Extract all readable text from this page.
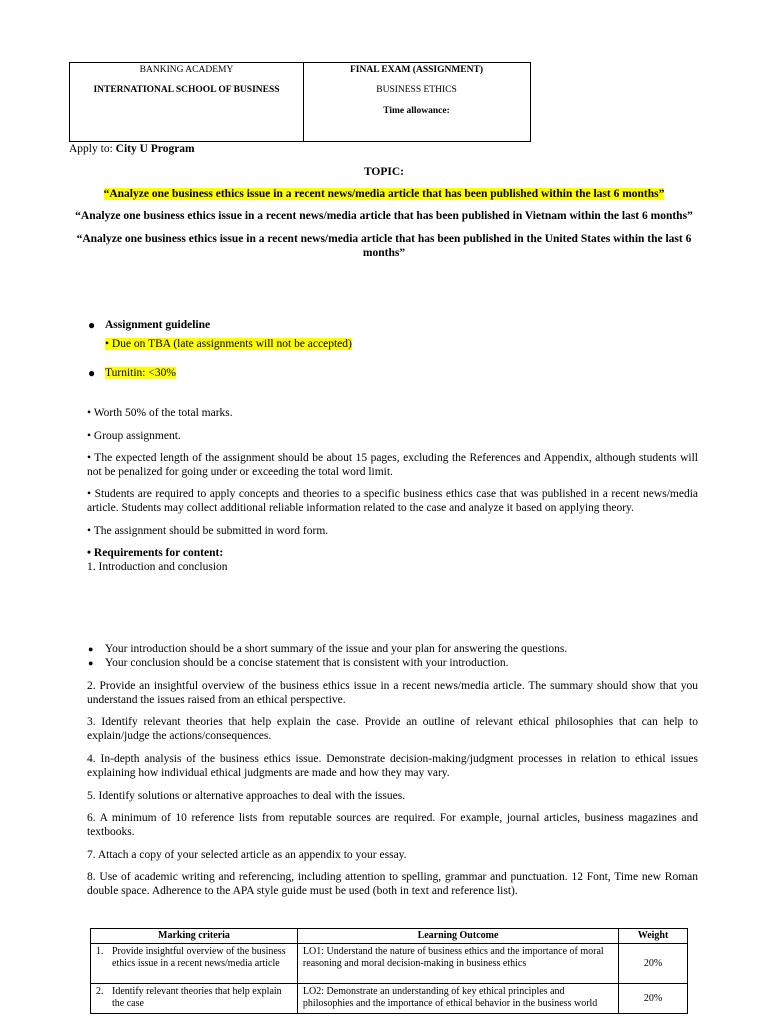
BANKING ACADEMY
INTERNATIONAL SCHOOL OF BUSINESS
FINAL EXAM (ASSIGNMENT)
BUSINESS ETHICS
Time allowance:
Apply to: City U Program
TOPIC:
“Analyze one business ethics issue in a recent news/media article that has been published within the last 6 months”
“Analyze one business ethics issue in a recent news/media article that has been published in Vietnam within the last 6 months”
“Analyze one business ethics issue in a recent news/media article that has been published in the United States within the last 6
months”
● Assignment guideline
• Due on TBA (late assignments will not be accepted)
● Turnitin: <30%
• Worth 50% of the total marks.
• Group assignment.
• The expected length of the assignment should be about 15 pages, excluding the References and Appendix, although students will not be penalized for going under or exceeding the total word limit.
• Students are required to apply concepts and theories to a specific business ethics case that was published in a recent news/media article. Students may collect additional reliable information related to the case and analyze it based on applying theory.
• The assignment should be submitted in word form.
• Requirements for content:
1. Introduction and conclusion
● Your introduction should be a short summary of the issue and your plan for answering the questions.
● Your conclusion should be a concise statement that is consistent with your introduction.
2. Provide an insightful overview of the business ethics issue in a recent news/media article. The summary should show that you understand the issues raised from an ethical perspective.
3. Identify relevant theories that help explain the case. Provide an outline of relevant ethical philosophies that can help to explain/judge the actions/consequences.
4. In-depth analysis of the business ethics issue. Demonstrate decision-making/judgment processes in relation to ethical issues explaining how individual ethical judgments are made and how they may vary.
5. Identify solutions or alternative approaches to deal with the issues.
6. A minimum of 10 reference lists from reputable sources are required. For example, journal articles, business magazines and textbooks.
7. Attach a copy of your selected article as an appendix to your essay.
8. Use of academic writing and referencing, including attention to spelling, grammar and punctuation. 12 Font, Time new Roman double space. Adherence to the APA style guide must be used (both in text and reference list).
Marking criteria	Learning Outcome	Weight
1. Provide insightful overview of the business ethics issue in a recent news/media article	LO1: Understand the nature of business ethics and the importance of moral reasoning and moral decision-making in business ethics	20%
2. Identify relevant theories that help explain the case	LO2: Demonstrate an understanding of key ethical principles and philosophies and the importance of ethical behavior in the business world	20%
